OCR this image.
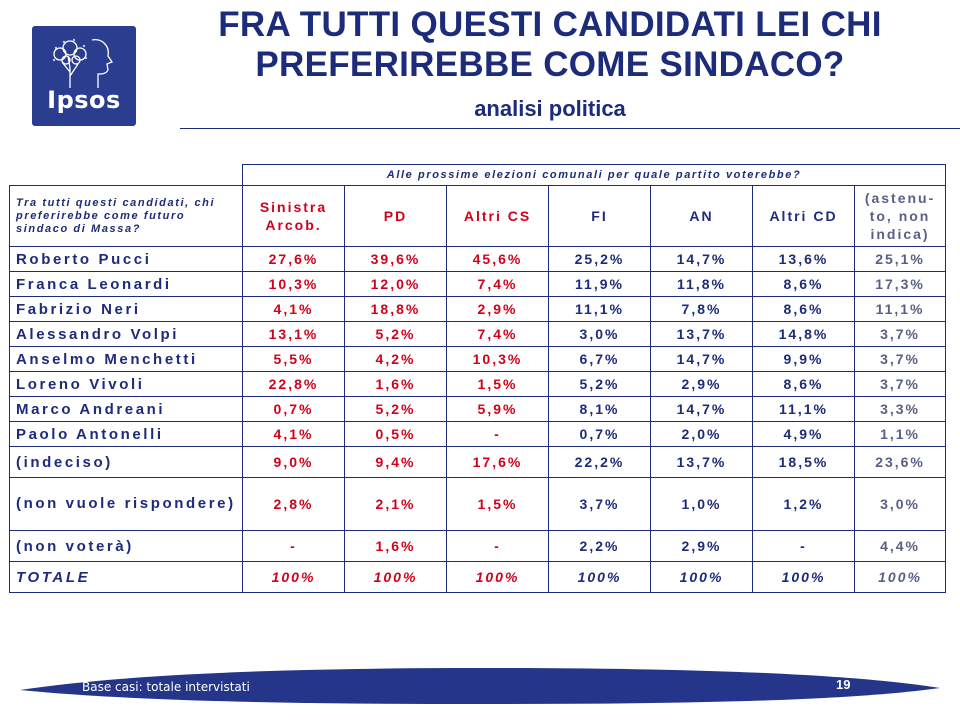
Ipsos
FRA TUTTI QUESTI CANDIDATI LEI CHI
PREFERIREBBE COME SINDACO?
analisi politica
	Alle prossime elezioni comunali per quale partito voterebbe?						
Tra tutti questi candidati, chi preferirebbe come futuro sindaco di Massa?	Sinistra Arcob.	PD	Altri CS	FI	AN	Altri CD	(astenu-to, non indica)
Roberto Pucci	27,6%	39,6%	45,6%	25,2%	14,7%	13,6%	25,1%
Franca Leonardi	10,3%	12,0%	7,4%	11,9%	11,8%	8,6%	17,3%
Fabrizio Neri	4,1%	18,8%	2,9%	11,1%	7,8%	8,6%	11,1%
Alessandro Volpi	13,1%	5,2%	7,4%	3,0%	13,7%	14,8%	3,7%
Anselmo Menchetti	5,5%	4,2%	10,3%	6,7%	14,7%	9,9%	3,7%
Loreno Vivoli	22,8%	1,6%	1,5%	5,2%	2,9%	8,6%	3,7%
Marco Andreani	0,7%	5,2%	5,9%	8,1%	14,7%	11,1%	3,3%
Paolo Antonelli	4,1%	0,5%	-	0,7%	2,0%	4,9%	1,1%
(indeciso)	9,0%	9,4%	17,6%	22,2%	13,7%	18,5%	23,6%
(non vuole rispondere)	2,8%	2,1%	1,5%	3,7%	1,0%	1,2%	3,0%
(non voterà)	-	1,6%	-	2,2%	2,9%	-	4,4%
TOTALE	100%	100%	100%	100%	100%	100%	100%
Base casi: totale intervistati	19
